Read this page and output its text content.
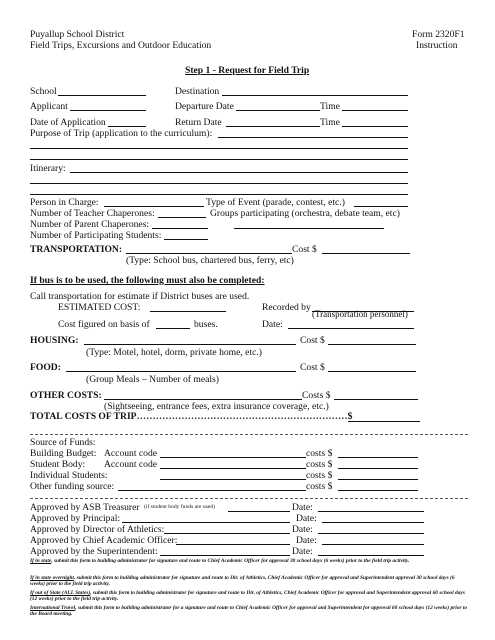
Puyallup School District
Field Trips, Excursions and Outdoor Education
Form 2320F1
Instruction
Step 1 - Request for Field Trip
School	Destination
Applicant	Departure Date	Time
Date of Application	Return Date	Time
Purpose of Trip (application to the curriculum):
Itinerary:
Person in Charge:	Type of Event (parade, contest, etc.)
Number of Teacher Chaperones:	Groups participating (orchestra, debate team, etc)
Number of Parent Chaperones:
Number of Participating Students:
TRANSPORTATION:	Cost $
(Type: School bus, chartered bus, ferry, etc)
If bus is to be used, the following must also be completed:
Call transportation for estimate if District buses are used.
ESTIMATED COST:	Recorded by
(Transportation personnel)
Cost figured on basis of	buses.	Date:
HOUSING:	Cost $
(Type: Motel, hotel, dorm, private home, etc.)
FOOD:	Cost $
(Group Meals – Number of meals)
OTHER COSTS:	Costs $
(Sightseeing, entrance fees, extra insurance coverage, etc.)
TOTAL COSTS OF TRIP…………………………………………………………$
Source of Funds:
Building Budget: Account code	costs $
Student Body: Account code	costs $
Individual Students:	costs $
Other funding source:	costs $
Approved by ASB Treasurer (if student body funds are used)	Date:
Approved by Principal:	Date:
Approved by Director of Athletics:	Date:
Approved by Chief Academic Officer:	Date:
Approved by the Superintendent:	Date:
If in state, submit this form to building administrator for signature and route to Chief Academic Officer for approval 30 school days (6 weeks) prior to the field trip activity.
If in state overnight, submit this form to building administrator for signature and route to Dir. of Athletics, Chief Academic Officer for approval and Superintendent approval 30 school days (6 weeks) prior to the field trip activity.
If out of State (ALL States), submit this form to building administrator for signature and route to Dir. of Athletics, Chief Academic Officer for approval and Superintendent approval 60 school days (12 weeks) prior to the field trip activity.
International Travel, submit this form to building administrator for a signature and route to Chief Academic Officer for approval and Superintendent for approval 60 school days (12 weeks) prior to the Board meeting.
